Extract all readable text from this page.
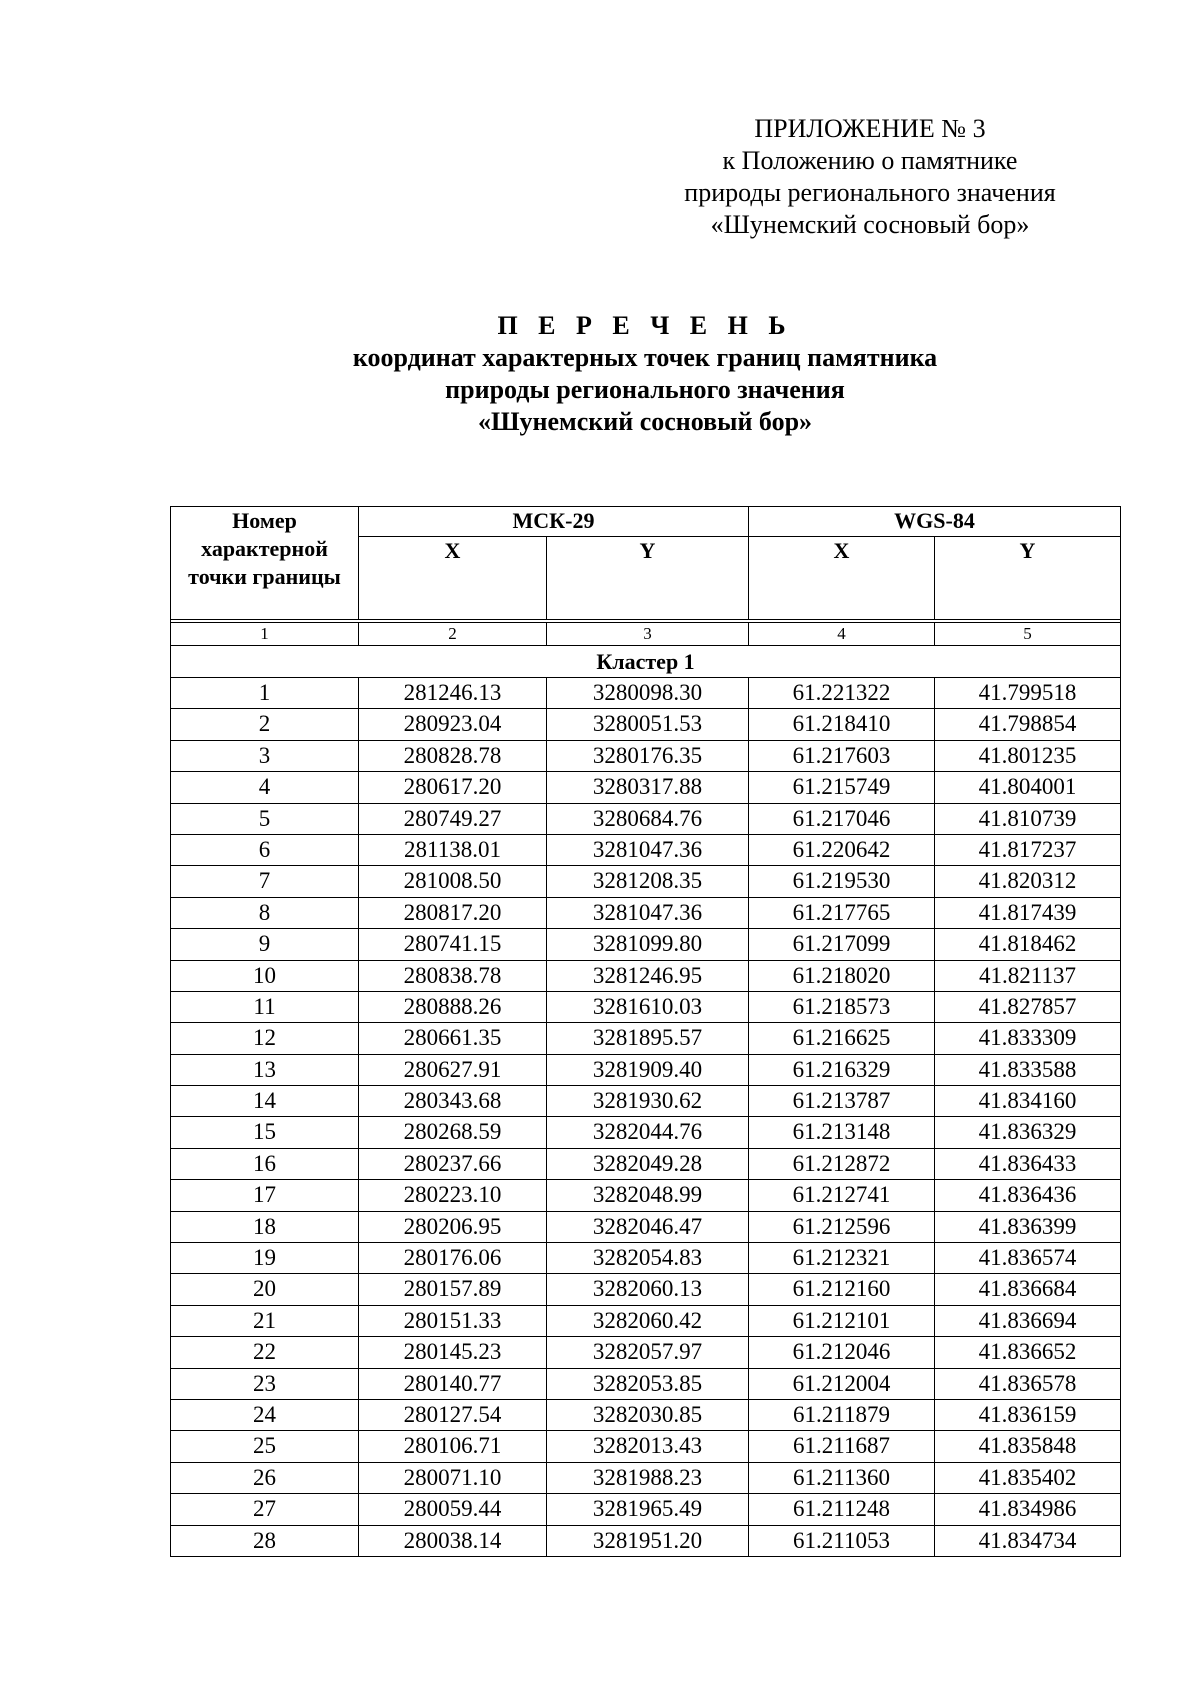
ПРИЛОЖЕНИЕ № 3
к Положению о памятнике
природы регионального значения
«Шунемский сосновый бор»
П Е Р Е Ч Е Н Ь
координат характерных точек границ памятника
природы регионального значения
«Шунемский сосновый бор»
Номер характерной точки границы	МСК-29		WGS-84	
	X	Y	X	Y

1	2	3	4	5
Кластер 1				
1	281246.13	3280098.30	61.221322	41.799518
2	280923.04	3280051.53	61.218410	41.798854
3	280828.78	3280176.35	61.217603	41.801235
4	280617.20	3280317.88	61.215749	41.804001
5	280749.27	3280684.76	61.217046	41.810739
6	281138.01	3281047.36	61.220642	41.817237
7	281008.50	3281208.35	61.219530	41.820312
8	280817.20	3281047.36	61.217765	41.817439
9	280741.15	3281099.80	61.217099	41.818462
10	280838.78	3281246.95	61.218020	41.821137
11	280888.26	3281610.03	61.218573	41.827857
12	280661.35	3281895.57	61.216625	41.833309
13	280627.91	3281909.40	61.216329	41.833588
14	280343.68	3281930.62	61.213787	41.834160
15	280268.59	3282044.76	61.213148	41.836329
16	280237.66	3282049.28	61.212872	41.836433
17	280223.10	3282048.99	61.212741	41.836436
18	280206.95	3282046.47	61.212596	41.836399
19	280176.06	3282054.83	61.212321	41.836574
20	280157.89	3282060.13	61.212160	41.836684
21	280151.33	3282060.42	61.212101	41.836694
22	280145.23	3282057.97	61.212046	41.836652
23	280140.77	3282053.85	61.212004	41.836578
24	280127.54	3282030.85	61.211879	41.836159
25	280106.71	3282013.43	61.211687	41.835848
26	280071.10	3281988.23	61.211360	41.835402
27	280059.44	3281965.49	61.211248	41.834986
28	280038.14	3281951.20	61.211053	41.834734
